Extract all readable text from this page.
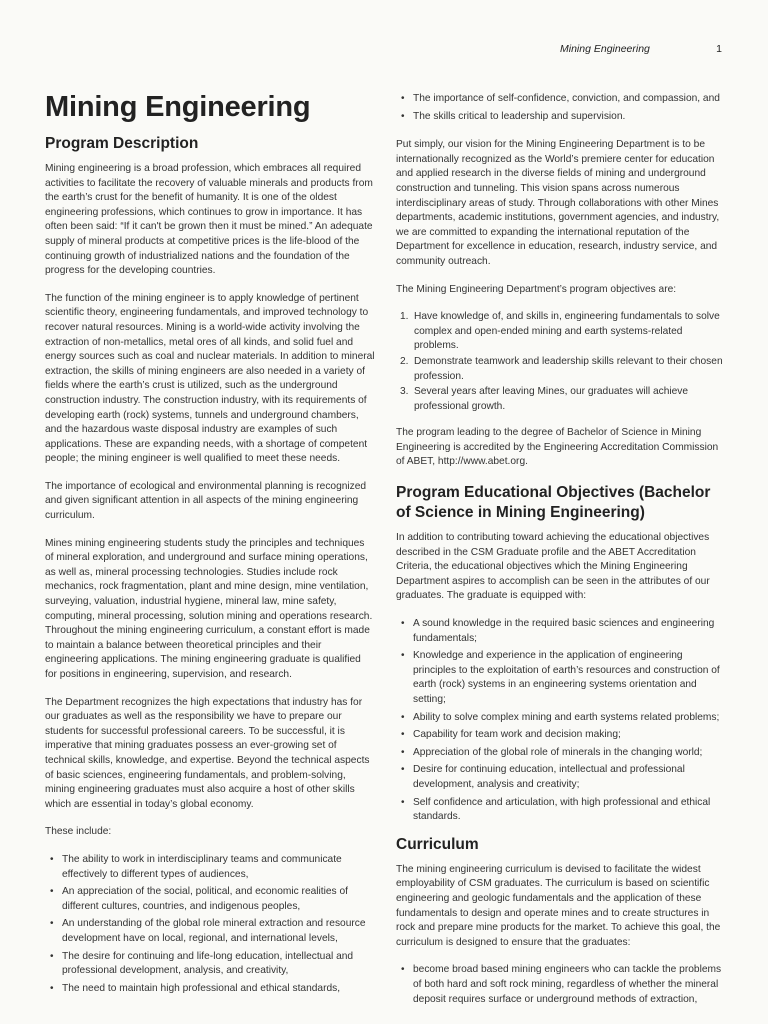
Mining Engineering	1
Mining Engineering
Program Description

Mining engineering is a broad profession, which embraces all required activities to facilitate the recovery of valuable minerals and products from the earth’s crust for the benefit of humanity. It is one of the oldest engineering professions, which continues to grow in importance. It has often been said: “If it can't be grown then it must be mined.” An adequate supply of mineral products at competitive prices is the life-blood of the continuing growth of industrialized nations and the foundation of the progress for the developing countries.

The function of the mining engineer is to apply knowledge of pertinent scientific theory, engineering fundamentals, and improved technology to recover natural resources. Mining is a world-wide activity involving the extraction of non-metallics, metal ores of all kinds, and solid fuel and energy sources such as coal and nuclear materials. In addition to mineral extraction, the skills of mining engineers are also needed in a variety of fields where the earth’s crust is utilized, such as the underground construction industry. The construction industry, with its requirements of developing earth (rock) systems, tunnels and underground chambers, and the hazardous waste disposal industry are examples of such applications. These are expanding needs, with a shortage of competent people; the mining engineer is well qualified to meet these needs.

The importance of ecological and environmental planning is recognized and given significant attention in all aspects of the mining engineering curriculum.

Mines mining engineering students study the principles and techniques of mineral exploration, and underground and surface mining operations, as well as, mineral processing technologies. Studies include rock mechanics, rock fragmentation, plant and mine design, mine ventilation, surveying, valuation, industrial hygiene, mineral law, mine safety, computing, mineral processing, solution mining and operations research. Throughout the mining engineering curriculum, a constant effort is made to maintain a balance between theoretical principles and their engineering applications. The mining engineering graduate is qualified for positions in engineering, supervision, and research.

The Department recognizes the high expectations that industry has for our graduates as well as the responsibility we have to prepare our students for successful professional careers. To be successful, it is imperative that mining graduates possess an ever-growing set of technical skills, knowledge, and expertise. Beyond the technical aspects of basic sciences, engineering fundamentals, and problem-solving, mining engineering graduates must also acquire a host of other skills which are essential in today’s global economy.

These include:

• The ability to work in interdisciplinary teams and communicate effectively to different types of audiences,
• An appreciation of the social, political, and economic realities of different cultures, countries, and indigenous peoples,
• An understanding of the global role mineral extraction and resource development have on local, regional, and international levels,
• The desire for continuing and life-long education, intellectual and professional development, analysis, and creativity,
• The need to maintain high professional and ethical standards,
• The importance of self-confidence, conviction, and compassion, and
• The skills critical to leadership and supervision.

Put simply, our vision for the Mining Engineering Department is to be internationally recognized as the World’s premiere center for education and applied research in the diverse fields of mining and underground construction and tunneling. This vision spans across numerous interdisciplinary areas of study. Through collaborations with other Mines departments, academic institutions, government agencies, and industry, we are committed to expanding the international reputation of the Department for excellence in education, research, industry service, and community outreach.

The Mining Engineering Department’s program objectives are:

1. Have knowledge of, and skills in, engineering fundamentals to solve complex and open-ended mining and earth systems-related problems.
2. Demonstrate teamwork and leadership skills relevant to their chosen profession.
3. Several years after leaving Mines, our graduates will achieve professional growth.

The program leading to the degree of Bachelor of Science in Mining Engineering is accredited by the Engineering Accreditation Commission of ABET, http://www.abet.org.

Program Educational Objectives (Bachelor of Science in Mining Engineering)

In addition to contributing toward achieving the educational objectives described in the CSM Graduate profile and the ABET Accreditation Criteria, the educational objectives which the Mining Engineering Department aspires to accomplish can be seen in the attributes of our graduates. The graduate is equipped with:

• A sound knowledge in the required basic sciences and engineering fundamentals;
• Knowledge and experience in the application of engineering principles to the exploitation of earth’s resources and construction of earth (rock) systems in an engineering systems orientation and setting;
• Ability to solve complex mining and earth systems related problems;
• Capability for team work and decision making;
• Appreciation of the global role of minerals in the changing world;
• Desire for continuing education, intellectual and professional development, analysis and creativity;
• Self confidence and articulation, with high professional and ethical standards.
Curriculum

The mining engineering curriculum is devised to facilitate the widest employability of CSM graduates. The curriculum is based on scientific engineering and geologic fundamentals and the application of these fundamentals to design and operate mines and to create structures in rock and prepare mine products for the market. To achieve this goal, the curriculum is designed to ensure that the graduates:

• become broad based mining engineers who can tackle the problems of both hard and soft rock mining, regardless of whether the mineral deposit requires surface or underground methods of extraction,
